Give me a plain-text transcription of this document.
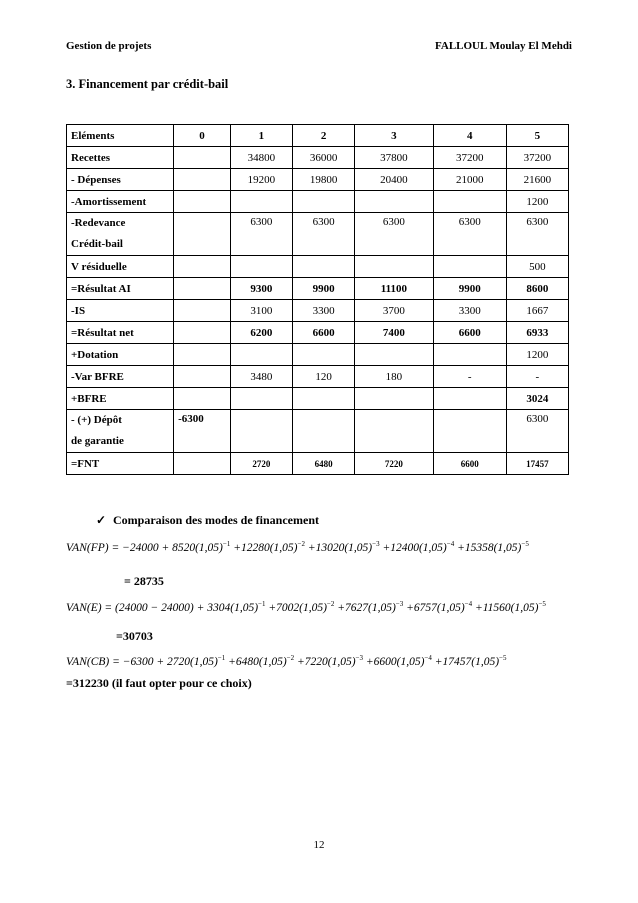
Gestion de projets	FALLOUL Moulay El Mehdi
3. Financement par crédit-bail
Eléments	0	1	2	3	4	5
Recettes		34800	36000	37800	37200	37200
- Dépenses		19200	19800	20400	21000	21600
-Amortissement						1200

-Redevance
Crédit-bail		6300	6300	6300	6300	6300
V résiduelle						500
=Résultat AI		9300	9900	11100	9900	8600
-IS		3100	3300	3700	3300	1667
=Résultat net		6200	6600	7400	6600	6933
+Dotation						1200
-Var BFRE		3480	120	180	-	-
+BFRE						3024

- (+) Dépôt
de garantie	-6300					6300
=FNT		2720	6480	7220	6600	17457
✓ Comparaison des modes de financement
$VAN(FP) = -24000 + 8520(1,05)^{-1} +12280(1,05)^{-2} +13020(1,05)^{-3} +12400(1,05)^{-4} +15358(1,05)^{-5}$
= 28735
$VAN(E) = (24000 - 24000) + 3304(1,05)^{-1} +7002(1,05)^{-2} +7627(1,05)^{-3} +6757(1,05)^{-4} +11560(1,05)^{-5}$
=30703
$VAN(CB) = -6300 + 2720(1,05)^{-1} +6480(1,05)^{-2} +7220(1,05)^{-3} +6600(1,05)^{-4} +17457(1,05)^{-5}$
=312230 (il faut opter pour ce choix)
12
